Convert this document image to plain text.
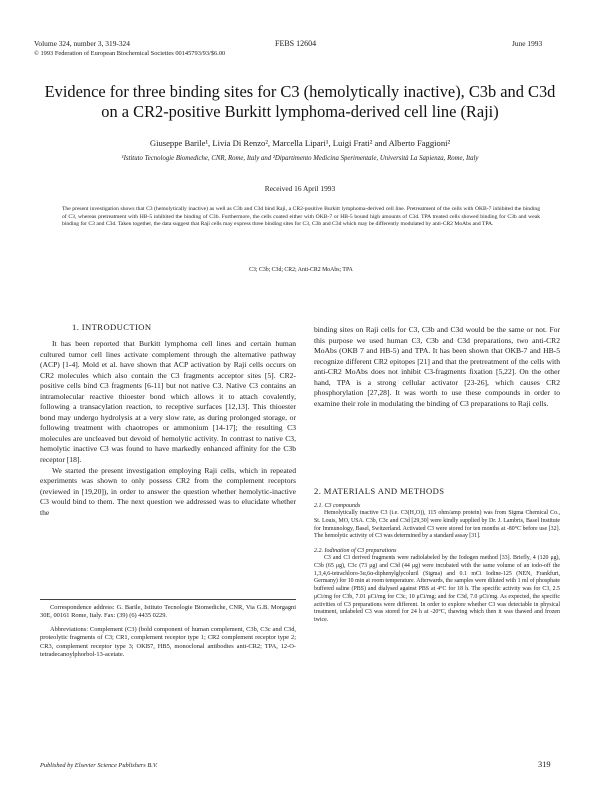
Volume 324, number 3, 319-324	FEBS 12604	June 1993
© 1993 Federation of European Biochemical Societies 00145793/93/$6.00
Evidence for three binding sites for C3 (hemolytically inactive), C3b and C3d on a CR2-positive Burkitt lymphoma-derived cell line (Raji)
Giuseppe Barile¹, Livia Di Renzo², Marcella Lipari¹, Luigi Frati² and Alberto Faggioni²
¹Istituto Tecnologie Biomediche, CNR, Rome, Italy and ²Dipartimento Medicina Sperimentale, Università La Sapienza, Rome, Italy
Received 16 April 1993
The present investigation shows that C3 (hemolytically inactive) as well as C3b and C3d bind Raji, a CR2-positive Burkitt lymphoma-derived cell line. Pretreatment of the cells with OKB-7 inhibited the binding of C3, whereas pretreatment with HB-5 inhibited the binding of C3b. Furthermore, the cells coated either with OKB-7 or HB-5 bound high amounts of C3d. TPA treated cells showed binding for C3b and weak binding for C3 and C3d. Taken together, the data suggest that Raji cells may express three binding sites for C3, C3b and C3d which may be differently modulated by anti-CR2 MoAbs and TPA.
C3; C3b; C3d; CR2; Anti-CR2 MoAbs; TPA
1. INTRODUCTION

It has been reported that Burkitt lymphoma cell lines and certain human cultured tumor cell lines activate complement through the alternative pathway (ACP) [1-4]. Mold et al. have shown that ACP activation by Raji cells occurs on CR2 molecules which also contain the C3 fragments acceptor sites [5]. CR2-positive cells bind C3 fragments [6-11] but not native C3. Native C3 contains an intramolecular reactive thioester bond which allows it to attach covalently, following a transacylation reaction, to receptive surfaces [12,13]. This thioester bond may undergo hydrolysis at a very slow rate, as during prolonged storage, or following treatment with chaotropes or ammonium [14-17]; the resulting C3 molecules are uncleaved but devoid of hemolytic activity. In contrast to native C3, hemolytic inactive C3 was found to have markedly enhanced affinity for the C3b receptor [18].

We started the present investigation employing Raji cells, which in repeated experiments was shown to only possess CR2 from the complement receptors (reviewed in [19,20]), in order to answer the question whether hemolytic-inactive C3 would bind to them. The next question we addressed was to elucidate whether the

Correspondence address: G. Barile, Istituto Tecnologie Biomediche, CNR, Via G.B. Morgagni 30E, 00161 Rome, Italy. Fax: (39) (6) 4435 0229.

Abbreviations: Complement (C3) (bold component of human complement, C3b, C3c and C3d, proteolytic fragments of C3; CR1, complement receptor type 1; CR2 complement receptor type 2; CR3, complement receptor type 3; OKB7, HB5, monoclonal antibodies anti-CR2; TPA, 12-O-tetradecanoylphorbol-13-acetate.

binding sites on Raji cells for C3, C3b and C3d would be the same or not. For this purpose we used human C3, C3b and C3d preparations, two anti-CR2 MoAbs (OKB 7 and HB-5) and TPA. It has been shown that OKB-7 and HB-5 recognize different CR2 epitopes [21] and that the pretreatment of the cells with anti-CR2 MoAbs does not inhibit C3-fragments fixation [5,22]. On the other hand, TPA is a strong cellular activator [23-26], which causes CR2 phosphorylation [27,28]. It was worth to use these compounds in order to examine their role in modulating the binding of C3 preparations to Raji cells.

2. MATERIALS AND METHODS
2.1. C3 compounds

Hemolytically inactive C3 (i.e. C3(H₂O)), 115 ohm/amp protein) was from Sigma Chemical Co., St. Louis, MO, USA. C3b, C3c and C3d [29,30] were kindly supplied by Dr. J. Lambris, Basel Institute for Immunology, Basel, Switzerland. Activated C3 were stored for ten months at -80°C before use [32]. The hemolytic activity of C3 was determined by a standard assay [31].

2.2. Iodination of C3 preparations

C3 and C3 derived fragments were radiolabeled by the Iodogen method [33]. Briefly, 4 (120 μg), C3b (65 μg), C3c (73 μg) and C3d (44 μg) were incubated with the same volume of an iodo-off the 1,3,4,6-tetrachloro-3α,6α-diphenylglycoluril (Sigma) and 0.1 mCi Iodine-125 (NEN, Frankfurt, Germany) for 10 min at room temperature. Afterwards, the samples were diluted with 1 ml of phosphate buffered saline (PBS) and dialysed against PBS at 4°C for 18 h. The specific activity was for C3, 2.5 μCi/mg for C3b, 7.01 μCi/mg for C3c, 10 μCi/mg; and for C3d, 7.0 μCi/mg. As expected, the specific activities of C3 preparations were different. In order to explore whether C3 was detectable in physical treatment, unlabeled C3 was stored for 24 h at -20°C, thawing which then it was thawed and frozen twice.

Published by Elsevier Science Publishers B.V.	319
